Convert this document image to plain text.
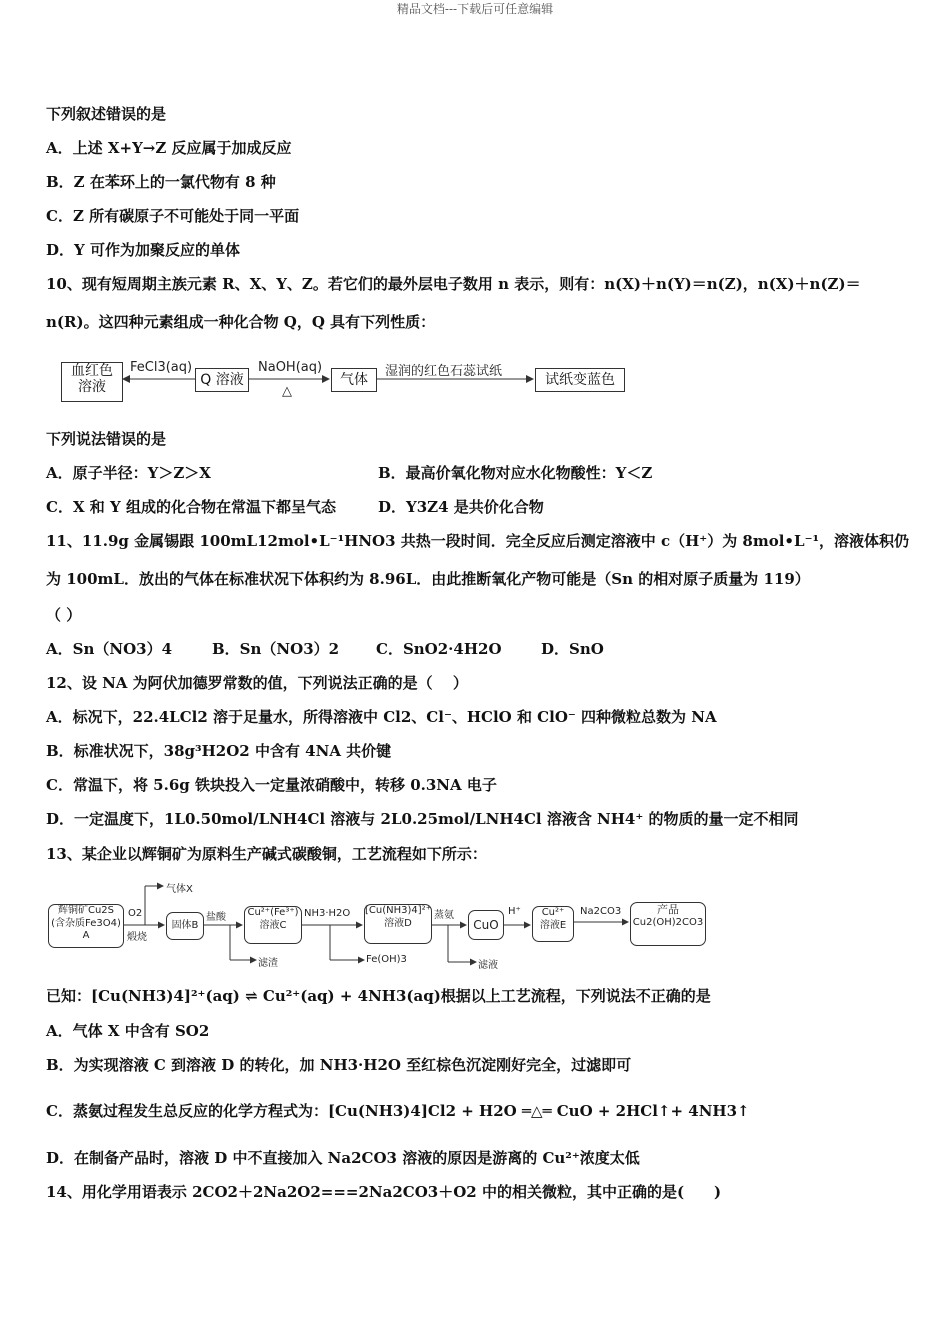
精品文档---下载后可任意编辑
下列叙述错误的是
A．上述 X+Y→Z 反应属于加成反应
B．Z 在苯环上的一氯代物有 8 种
C．Z 所有碳原子不可能处于同一平面
D．Y 可作为加聚反应的单体
10、现有短周期主族元素 R、X、Y、Z。若它们的最外层电子数用 n 表示，则有：n(X)＋n(Y)＝n(Z)，n(X)＋n(Z)＝
n(R)。这四种元素组成一种化合物 Q，Q 具有下列性质：
血红色
溶液
FeCl3(aq)
Q 溶液
NaOH(aq)
△
气体
湿润的红色石蕊试纸
试纸变蓝色
下列说法错误的是
A．原子半径：Y＞Z＞X	B．最高价氧化物对应水化物酸性：Y＜Z
C．X 和 Y 组成的化合物在常温下都呈气态	D．Y3Z4 是共价化合物
11、11.9g 金属锡跟 100mL12mol•L⁻¹HNO3 共热一段时间．完全反应后测定溶液中 c（H⁺）为 8mol•L⁻¹，溶液体积仍
为 100mL．放出的气体在标准状况下体积约为 8.96L．由此推断氧化产物可能是（Sn 的相对原子质量为 119）
（ ）
A．Sn（NO3）4	B．Sn（NO3）2 C．SnO2·4H2O	D．SnO
12、设 NA 为阿伏加德罗常数的值，下列说法正确的是（　 ）
A．标况下，22.4LCl2 溶于足量水，所得溶液中 Cl2、Cl⁻、HClO 和 ClO⁻ 四种微粒总数为 NA
B．标准状况下，38g³H2O2 中含有 4NA 共价键
C．常温下，将 5.6g 铁块投入一定量浓硝酸中，转移 0.3NA 电子
D．一定温度下，1L0.50mol/LNH4Cl 溶液与 2L0.25mol/LNH4Cl 溶液含 NH4⁺ 的物质的量一定不相同
13、某企业以辉铜矿为原料生产碱式碳酸铜，工艺流程如下所示：
辉铜矿Cu2S
(含杂质Fe3O4)
A
气体X
O2
煅烧
固体B
盐酸 Cu²⁺(Fe³⁺)
溶液C
滤渣
NH3·H2O [Cu(NH3)4]²⁺
溶液D
Fe(OH)3
蒸氨
CuO
滤液
H⁺	Cu²⁺
溶液E
Na2CO3	产品
Cu2(OH)2CO3
已知：[Cu(NH3)4]²⁺(aq) ⇌ Cu²⁺(aq) + 4NH3(aq)根据以上工艺流程，下列说法不正确的是
A．气体 X 中含有 SO2
B．为实现溶液 C 到溶液 D 的转化，加 NH3·H2O 至红棕色沉淀刚好完全，过滤即可
C．蒸氨过程发生总反应的化学方程式为：[Cu(NH3)4]Cl2 + H2O ═△═ CuO + 2HCl↑+ 4NH3↑
D．在制备产品时，溶液 D 中不直接加入 Na2CO3 溶液的原因是游离的 Cu²⁺浓度太低
14、用化学用语表示 2CO2＋2Na2O2===2Na2CO3＋O2 中的相关微粒，其中正确的是(　　)
